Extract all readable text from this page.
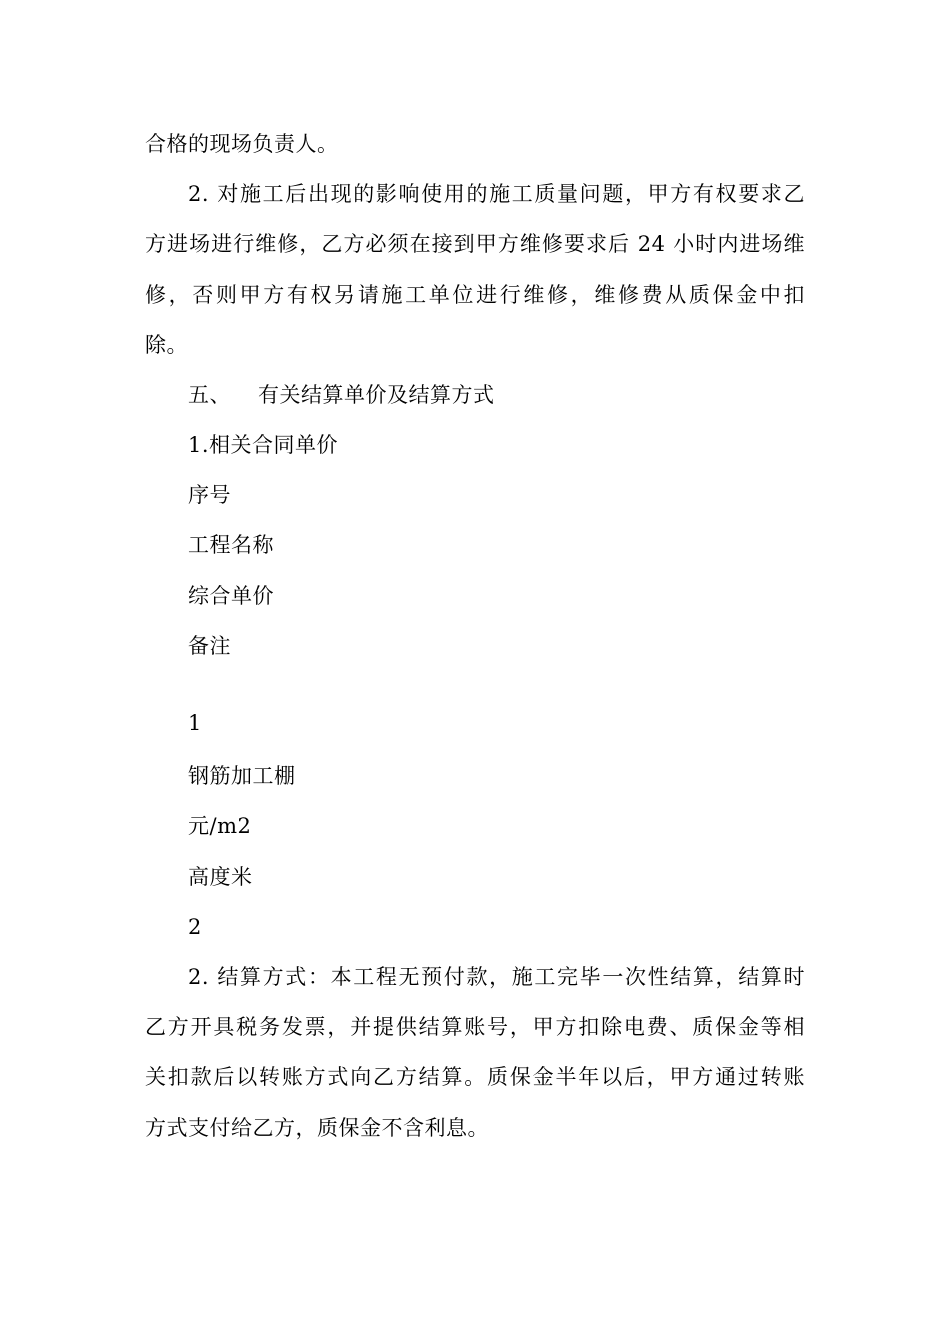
合格的现场负责人。
2. 对施工后出现的影响使用的施工质量问题，甲方有权要求乙
方进场进行维修，乙方必须在接到甲方维修要求后 24 小时内进场维
修，否则甲方有权另请施工单位进行维修，维修费从质保金中扣
除。
五、 有关结算单价及结算方式
1.相关合同单价
序号
工程名称
综合单价
备注
1
钢筋加工棚
元/m2
高度米
2
2. 结算方式：本工程无预付款，施工完毕一次性结算，结算时
乙方开具税务发票，并提供结算账号，甲方扣除电费、质保金等相
关扣款后以转账方式向乙方结算。质保金半年以后，甲方通过转账
方式支付给乙方，质保金不含利息。
